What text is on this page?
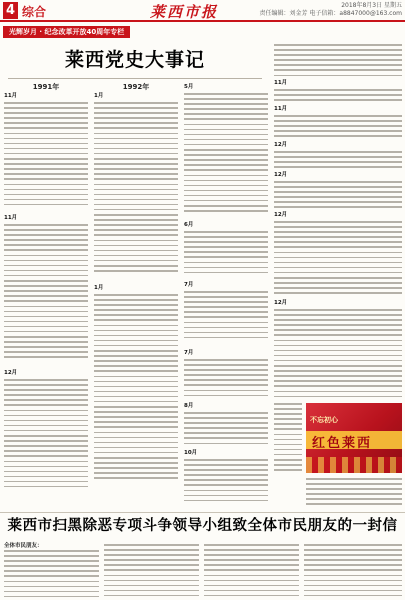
4 综合	莱西市报	2018年8月3日 星期五
责任编辑：刘金芳 电子信箱：a8847000@163.com
光辉岁月 · 纪念改革开放40周年专栏
莱西党史大事记
1991年	1992年
11月
11月
12月
1月
1月
5月
6月
7月
7月
8月
10月
11月
11月
12月
12月
12月
12月
不忘初心
红色莱西
莱西市扫黑除恶专项斗争领导小组致全体市民朋友的一封信
全体市民朋友：
